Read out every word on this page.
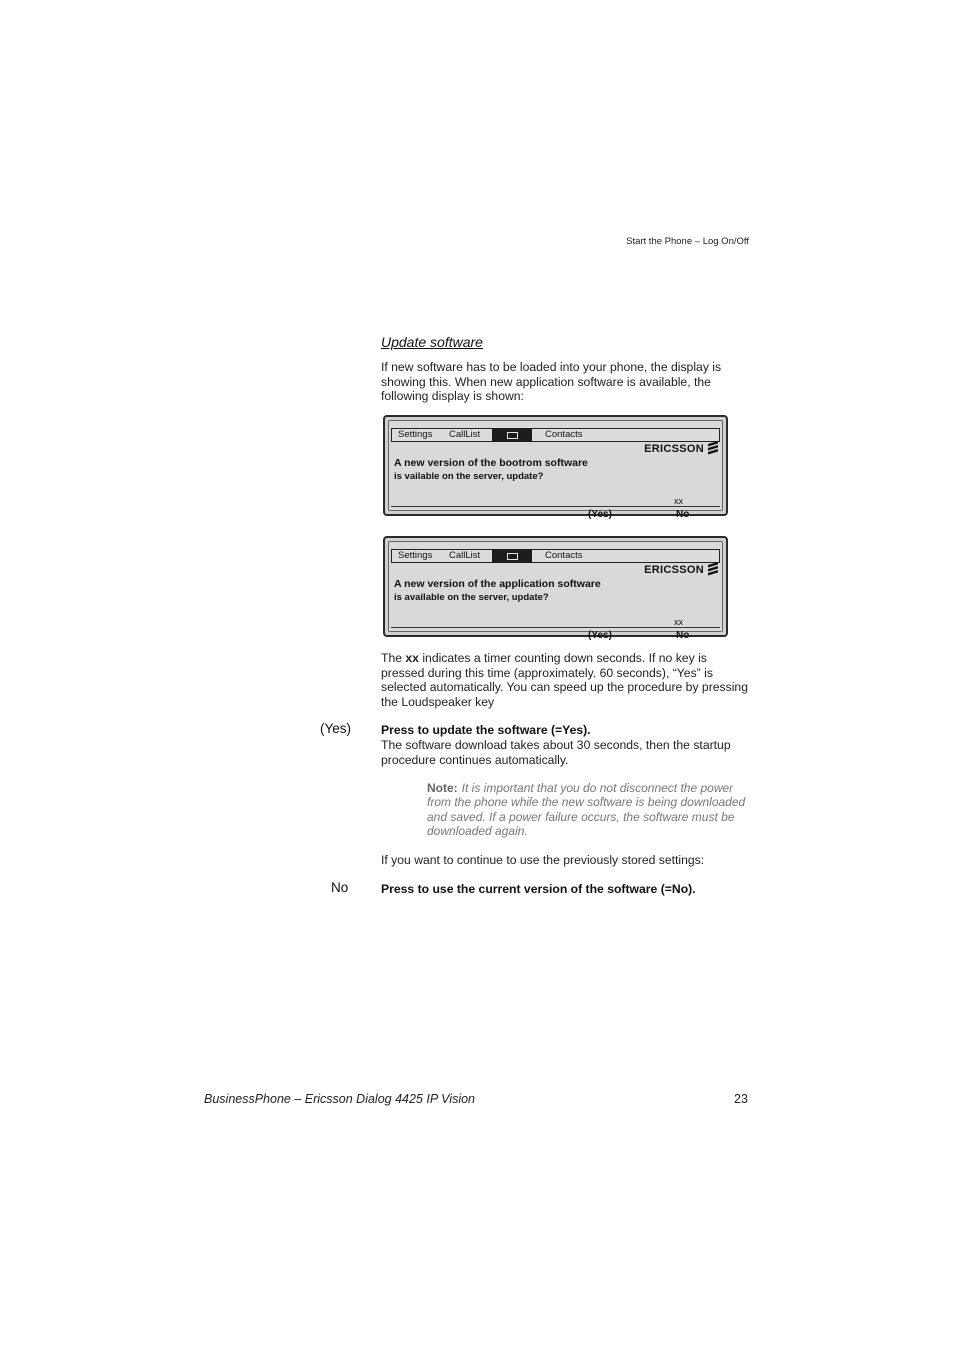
Start the Phone – Log On/Off
Update software
If new software has to be loaded into your phone, the display is showing this. When new application software is available, the following display is shown:
Settings CallList	Contacts
ERICSSON
A new version of the bootrom software
is vailable on the server, update?
xx
(Yes)	No
Settings CallList	Contacts
ERICSSON
A new version of the application software
is available on the server, update?
xx
(Yes)	No
The xx indicates a timer counting down seconds. If no key is pressed during this time (approximately. 60 seconds), “Yes” is selected automatically. You can speed up the procedure by pressing the Loudspeaker key
(Yes) Press to update the software (=Yes).
The software download takes about 30 seconds, then the startup procedure continues automatically.
Note: It is important that you do not disconnect the power from the phone while the new software is being downloaded and saved. If a power failure occurs, the software must be downloaded again.
If you want to continue to use the previously stored settings:
No	Press to use the current version of the software (=No).
BusinessPhone – Ericsson Dialog 4425 IP Vision	23
